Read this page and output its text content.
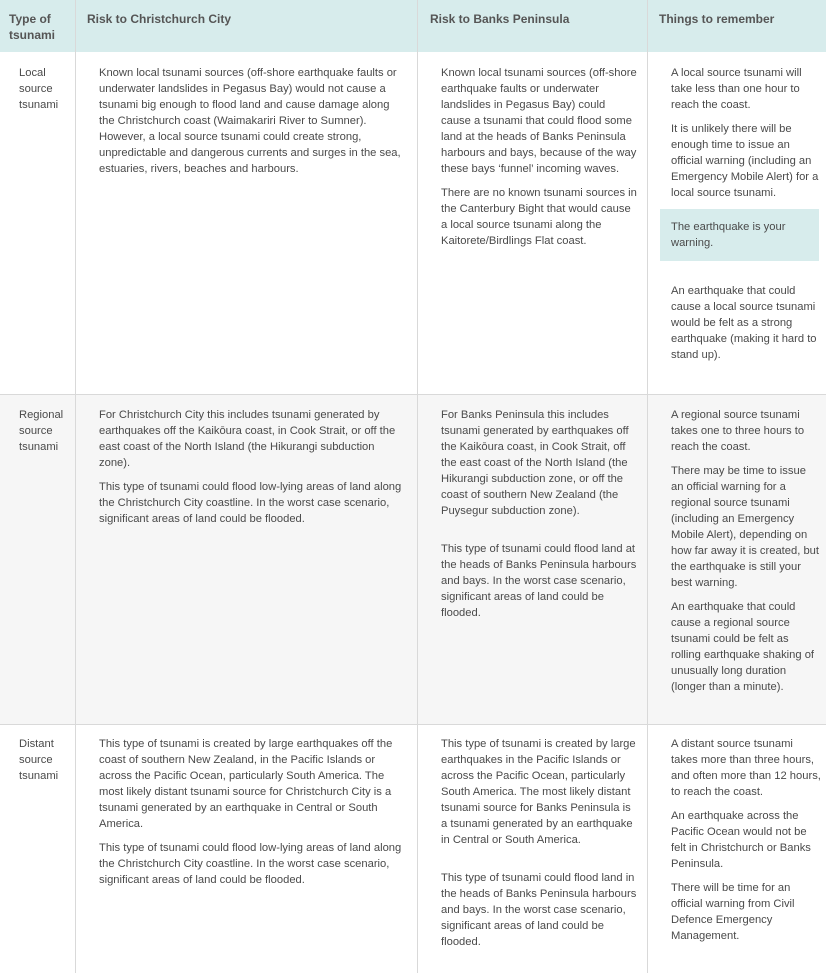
Type of tsunami
Risk to Christchurch City	Risk to Banks Peninsula	Things to remember
Local source tsunami

Known local tsunami sources (off-shore earthquake faults or underwater landslides in Pegasus Bay) would not cause a tsunami big enough to flood land and cause damage along the Christchurch coast (Waimakariri River to Sumner). However, a local source tsunami could create strong, unpredictable and dangerous currents and surges in the sea, estuaries, rivers, beaches and harbours.

Known local tsunami sources (off-shore earthquake faults or underwater landslides in Pegasus Bay) could cause a tsunami that could flood some land at the heads of Banks Peninsula harbours and bays, because of the way these bays ‘funnel’ incoming waves.

There are no known tsunami sources in the Canterbury Bight that would cause a local source tsunami along the Kaitorete/Birdlings Flat coast.

A local source tsunami will take less than one hour to reach the coast.

It is unlikely there will be enough time to issue an official warning (including an Emergency Mobile Alert) for a local source tsunami.

The earthquake is your warning.

An earthquake that could cause a local source tsunami would be felt as a strong earthquake (making it hard to stand up).

Regional source tsunami

For Christchurch City this includes tsunami generated by earthquakes off the Kaikōura coast, in Cook Strait, or off the east coast of the North Island (the Hikurangi subduction zone).

This type of tsunami could flood low-lying areas of land along the Christchurch City coastline. In the worst case scenario, significant areas of land could be flooded.

For Banks Peninsula this includes tsunami generated by earthquakes off the Kaikōura coast, in Cook Strait, off the east coast of the North Island (the Hikurangi subduction zone, or off the coast of southern New Zealand (the Puysegur subduction zone).

This type of tsunami could flood land at the heads of Banks Peninsula harbours and bays. In the worst case scenario, significant areas of land could be flooded.

A regional source tsunami takes one to three hours to reach the coast.

There may be time to issue an official warning for a regional source tsunami (including an Emergency Mobile Alert), depending on how far away it is created, but the earthquake is still your best warning.

An earthquake that could cause a regional source tsunami could be felt as rolling earthquake shaking of unusually long duration (longer than a minute).

Distant source tsunami

This type of tsunami is created by large earthquakes off the coast of southern New Zealand, in the Pacific Islands or across the Pacific Ocean, particularly South America. The most likely distant tsunami source for Christchurch City is a tsunami generated by an earthquake in Central or South America.

This type of tsunami could flood low-lying areas of land along the Christchurch City coastline. In the worst case scenario, significant areas of land could be flooded.

This type of tsunami is created by large earthquakes in the Pacific Islands or across the Pacific Ocean, particularly South America. The most likely distant tsunami source for Banks Peninsula is a tsunami generated by an earthquake in Central or South America.

This type of tsunami could flood land in the heads of Banks Peninsula harbours and bays. In the worst case scenario, significant areas of land could be flooded.

A distant source tsunami takes more than three hours, and often more than 12 hours, to reach the coast.

An earthquake across the Pacific Ocean would not be felt in Christchurch or Banks Peninsula.

There will be time for an official warning from Civil Defence Emergency Management.
